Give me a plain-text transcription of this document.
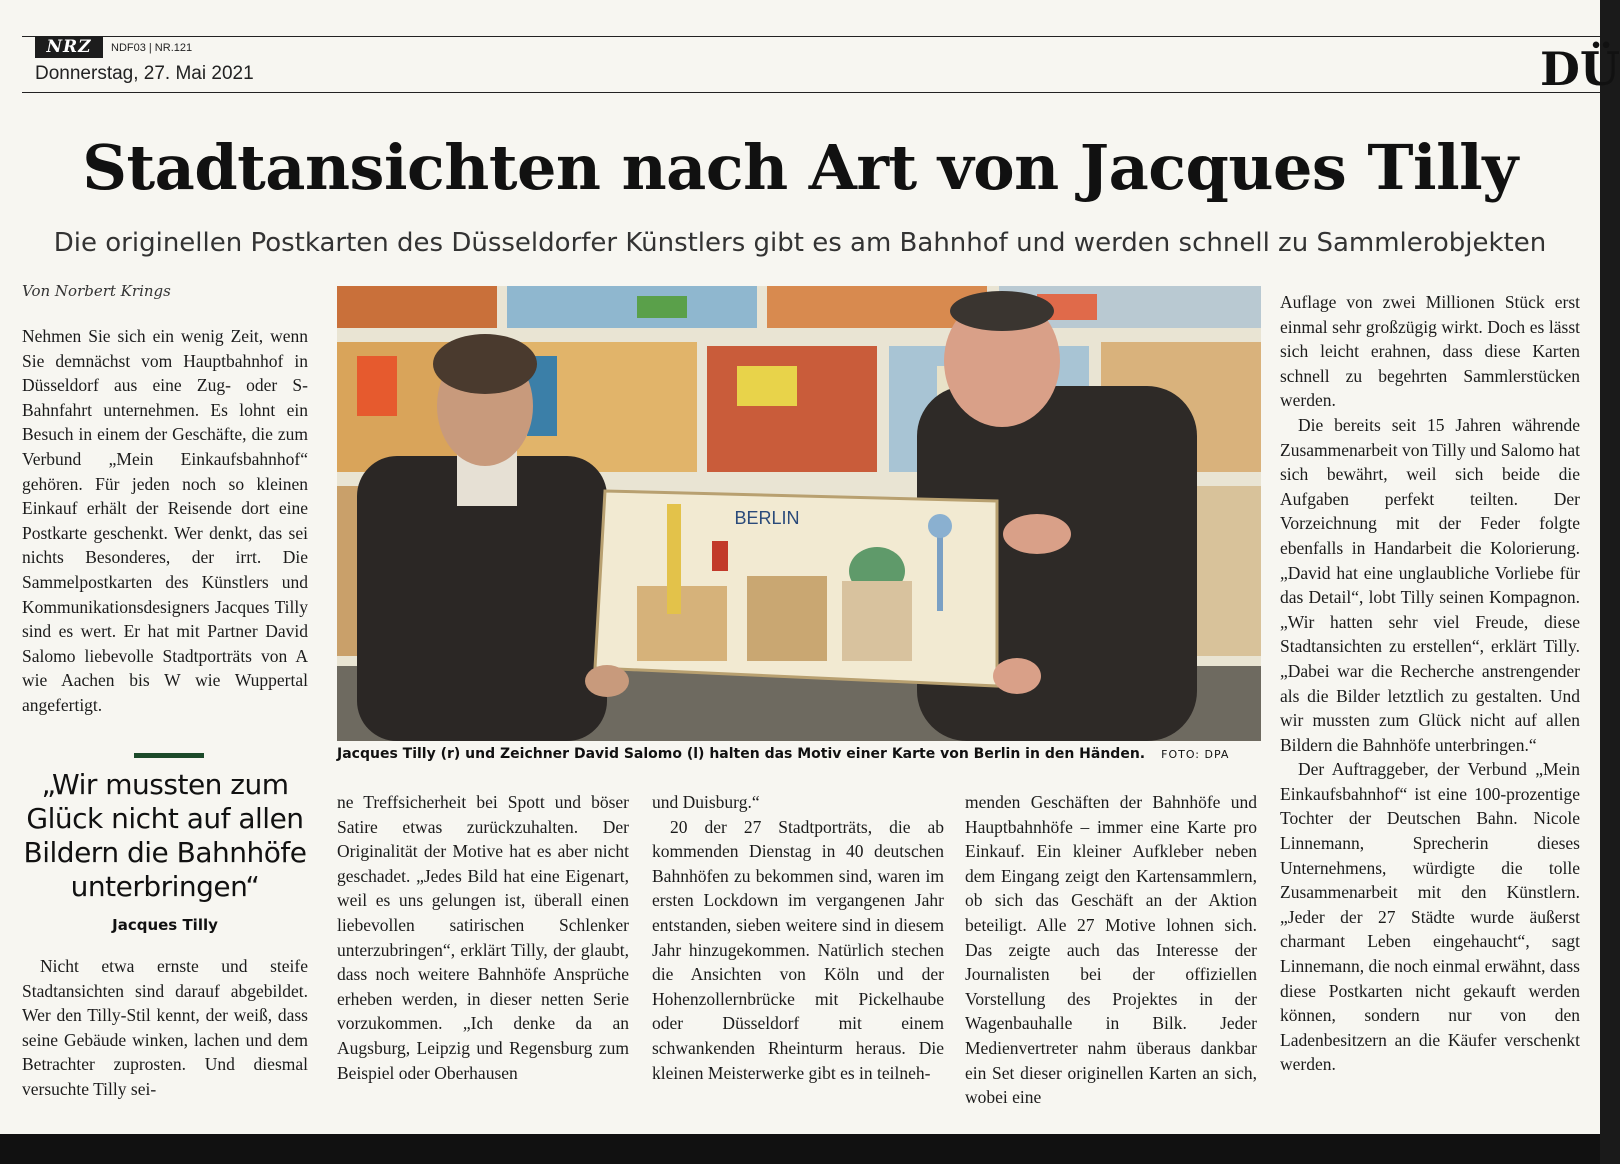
NRZ	NDF03 | NR.121
Donnerstag, 27. Mai 2021	DÜ
Stadtansichten nach Art von Jacques Tilly
Die originellen Postkarten des Düsseldorfer Künstlers gibt es am Bahnhof und werden schnell zu Sammlerobjekten
Von Norbert Krings

Nehmen Sie sich ein wenig Zeit, wenn Sie demnächst vom Hauptbahnhof in Düsseldorf aus eine Zug- oder S-Bahnfahrt unternehmen. Es lohnt ein Besuch in einem der Geschäfte, die zum Verbund „Mein Einkaufsbahnhof“ gehören. Für jeden noch so kleinen Einkauf erhält der Reisende dort eine Postkarte geschenkt. Wer denkt, das sei nichts Besonderes, der irrt. Die Sammelpostkarten des Künstlers und Kommunikationsdesigners Jacques Tilly sind es wert. Er hat mit Partner David Salomo liebevolle Stadtporträts von A wie Aachen bis W wie Wuppertal angefertigt.

„Wir mussten zum Glück nicht auf allen Bildern die Bahnhöfe unterbringen“
Jacques Tilly

Nicht etwa ernste und steife Stadtansichten sind darauf abgebildet. Wer den Tilly-Stil kennt, der weiß, dass seine Gebäude winken, lachen und dem Betrachter zuprosten. Und diesmal versuchte Tilly sei-

BERLIN
Jacques Tilly (r) und Zeichner David Salomo (l) halten das Motiv einer Karte von Berlin in den Händen. FOTO: DPA

ne Treffsicherheit bei Spott und böser Satire etwas zurückzuhalten. Der Originalität der Motive hat es aber nicht geschadet. „Jedes Bild hat eine Eigenart, weil es uns gelungen ist, überall einen liebevollen satirischen Schlenker unterzubringen“, erklärt Tilly, der glaubt, dass noch weitere Bahnhöfe Ansprüche erheben werden, in dieser netten Serie vorzukommen. „Ich denke da an Augsburg, Leipzig und Regensburg zum Beispiel oder Oberhausen

und Duisburg.“

20 der 27 Stadtporträts, die ab kommenden Dienstag in 40 deutschen Bahnhöfen zu bekommen sind, waren im ersten Lockdown im vergangenen Jahr entstanden, sieben weitere sind in diesem Jahr hinzugekommen. Natürlich stechen die Ansichten von Köln und der Hohenzollernbrücke mit Pickelhaube oder Düsseldorf mit einem schwankenden Rheinturm heraus. Die kleinen Meisterwerke gibt es in teilneh-

menden Geschäften der Bahnhöfe und Hauptbahnhöfe – immer eine Karte pro Einkauf. Ein kleiner Aufkleber neben dem Eingang zeigt den Kartensammlern, ob sich das Geschäft an der Aktion beteiligt. Alle 27 Motive lohnen sich. Das zeigte auch das Interesse der Journalisten bei der offiziellen Vorstellung des Projektes in der Wagenbauhalle in Bilk. Jeder Medienvertreter nahm überaus dankbar ein Set dieser originellen Karten an sich, wobei eine

Auflage von zwei Millionen Stück erst einmal sehr großzügig wirkt. Doch es lässt sich leicht erahnen, dass diese Karten schnell zu begehrten Sammlerstücken werden.

Die bereits seit 15 Jahren währende Zusammenarbeit von Tilly und Salomo hat sich bewährt, weil sich beide die Aufgaben perfekt teilten. Der Vorzeichnung mit der Feder folgte ebenfalls in Handarbeit die Kolorierung. „David hat eine unglaubliche Vorliebe für das Detail“, lobt Tilly seinen Kompagnon. „Wir hatten sehr viel Freude, diese Stadtansichten zu erstellen“, erklärt Tilly. „Dabei war die Recherche anstrengender als die Bilder letztlich zu gestalten. Und wir mussten zum Glück nicht auf allen Bildern die Bahnhöfe unterbringen.“

Der Auftraggeber, der Verbund „Mein Einkaufsbahnhof“ ist eine 100-prozentige Tochter der Deutschen Bahn. Nicole Linnemann, Sprecherin dieses Unternehmens, würdigte die tolle Zusammenarbeit mit den Künstlern. „Jeder der 27 Städte wurde äußerst charmant Leben eingehaucht“, sagt Linnemann, die noch einmal erwähnt, dass diese Postkarten nicht gekauft werden können, sondern nur von den Ladenbesitzern an die Käufer verschenkt werden.
